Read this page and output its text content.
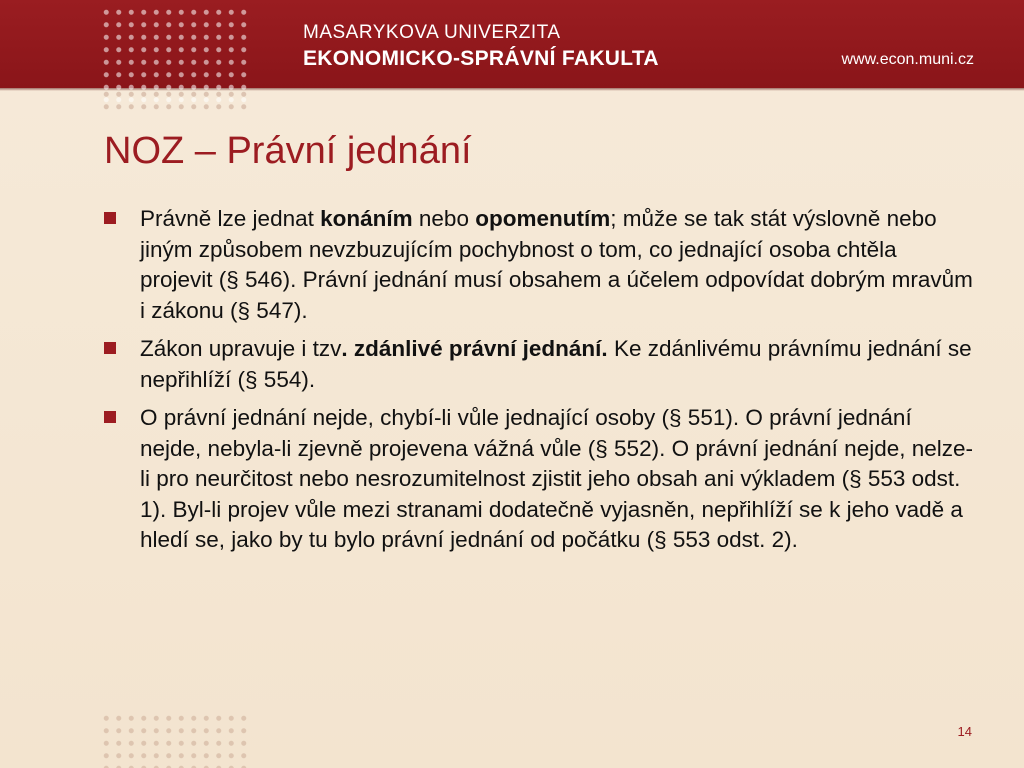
MASARYKOVA UNIVERZITA
EKONOMICKO-SPRÁVNÍ FAKULTA	www.econ.muni.cz
NOZ – Právní jednání
Právně lze jednat konáním nebo opomenutím; může se tak stát výslovně nebo jiným způsobem nevzbuzujícím pochybnost o tom, co jednající osoba chtěla projevit (§ 546). Právní jednání musí obsahem a účelem odpovídat dobrým mravům i zákonu (§ 547).
Zákon upravuje i tzv. zdánlivé právní jednání. Ke zdánlivému právnímu jednání se nepřihlíží (§ 554).
O právní jednání nejde, chybí-li vůle jednající osoby (§ 551). O právní jednání nejde, nebyla-li zjevně projevena vážná vůle (§ 552). O právní jednání nejde, nelze-li pro neurčitost nebo nesrozumitelnost zjistit jeho obsah ani výkladem (§ 553 odst. 1). Byl-li projev vůle mezi stranami dodatečně vyjasněn, nepřihlíží se k jeho vadě a hledí se, jako by tu bylo právní jednání od počátku (§ 553 odst. 2).
14
